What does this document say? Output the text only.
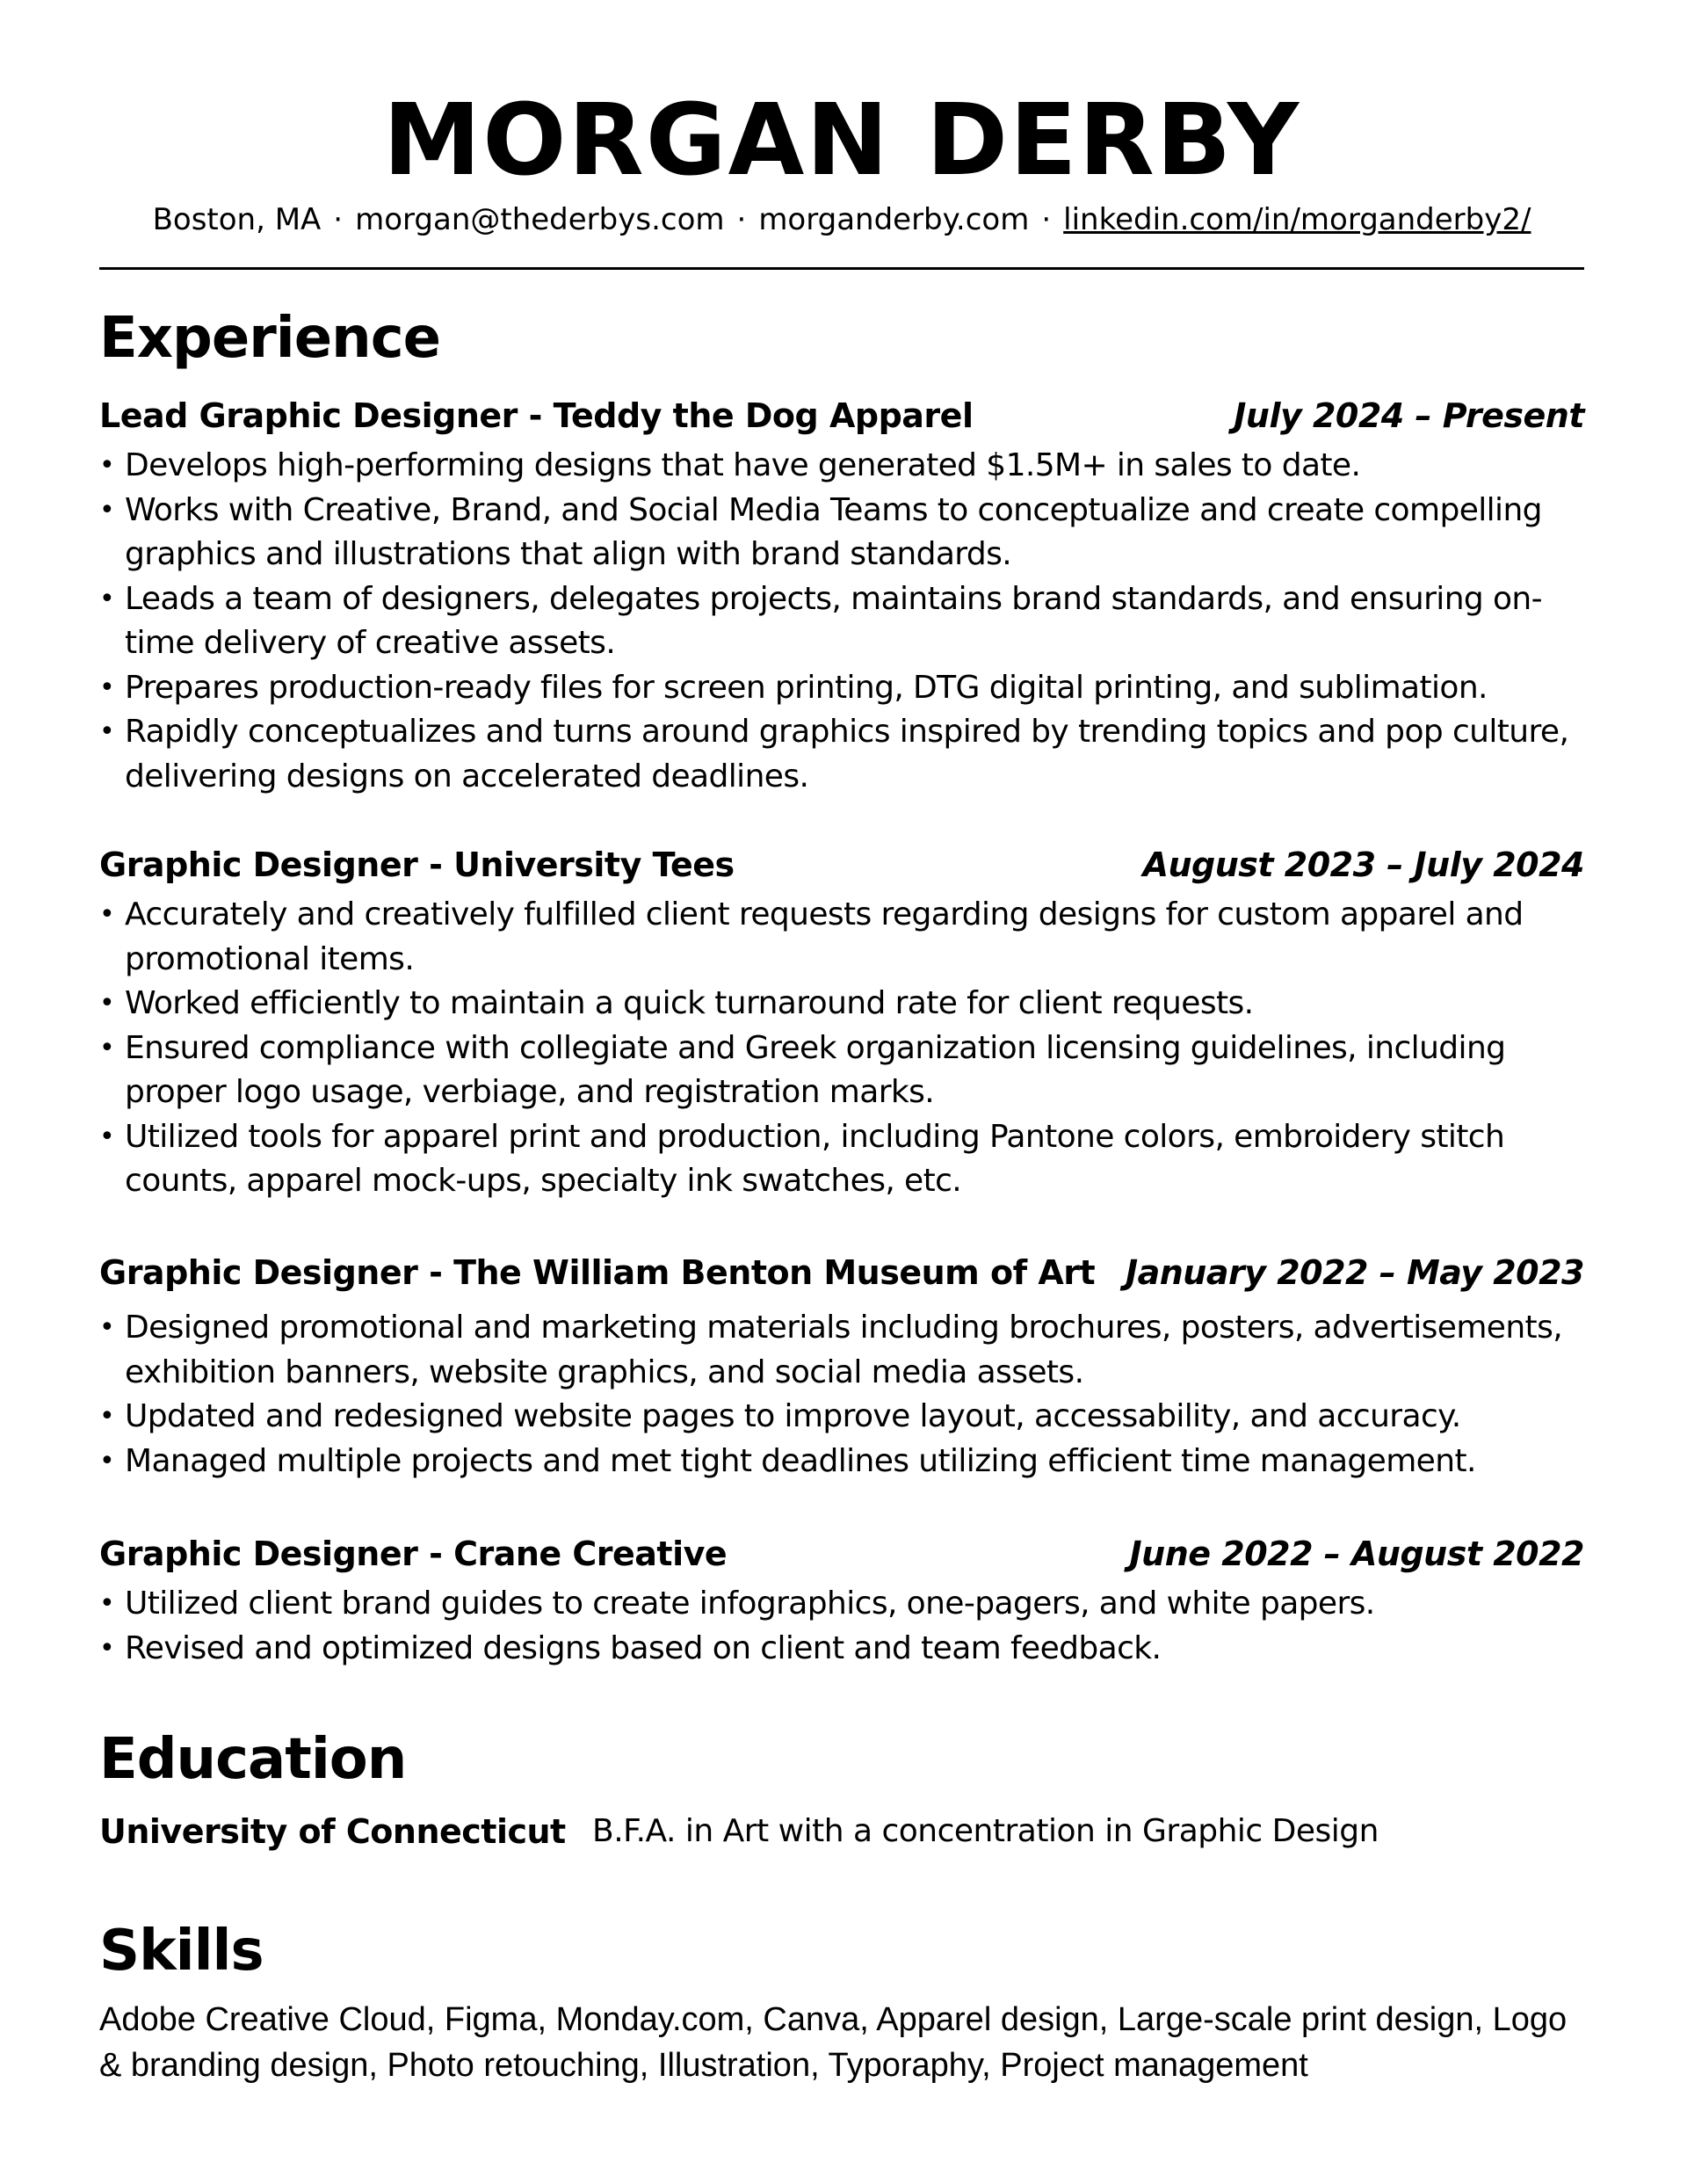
MORGAN DERBY
Boston, MA · morgan@thederbys.com · morganderby.com · linkedin.com/in/morganderby2/
Experience
Lead Graphic Designer - Teddy the Dog Apparel	July 2024 – Present
• Develops high-performing designs that have generated $1.5M+ in sales to date.
• Works with Creative, Brand, and Social Media Teams to conceptualize and create compelling graphics and illustrations that align with brand standards.
• Leads a team of designers, delegates projects, maintains brand standards, and ensuring on-time delivery of creative assets.
• Prepares production-ready files for screen printing, DTG digital printing, and sublimation.
• Rapidly conceptualizes and turns around graphics inspired by trending topics and pop culture, delivering designs on accelerated deadlines.
Graphic Designer - University Tees	August 2023 – July 2024
• Accurately and creatively fulfilled client requests regarding designs for custom apparel and promotional items.
• Worked efficiently to maintain a quick turnaround rate for client requests.
• Ensured compliance with collegiate and Greek organization licensing guidelines, including proper logo usage, verbiage, and registration marks.
• Utilized tools for apparel print and production, including Pantone colors, embroidery stitch counts, apparel mock-ups, specialty ink swatches, etc.
Graphic Designer - The William Benton Museum of Art January 2022 – May 2023
• Designed promotional and marketing materials including brochures, posters, advertisements, exhibition banners, website graphics, and social media assets.
• Updated and redesigned website pages to improve layout, accessability, and accuracy.
• Managed multiple projects and met tight deadlines utilizing efficient time management.
Graphic Designer - Crane Creative	June 2022 – August 2022
• Utilized client brand guides to create infographics, one-pagers, and white papers.
• Revised and optimized designs based on client and team feedback.
Education
University of Connecticut B.F.A. in Art with a concentration in Graphic Design
Skills
Adobe Creative Cloud, Figma, Monday.com, Canva, Apparel design, Large-scale print design, Logo & branding design, Photo retouching, Illustration, Typoraphy, Project management
